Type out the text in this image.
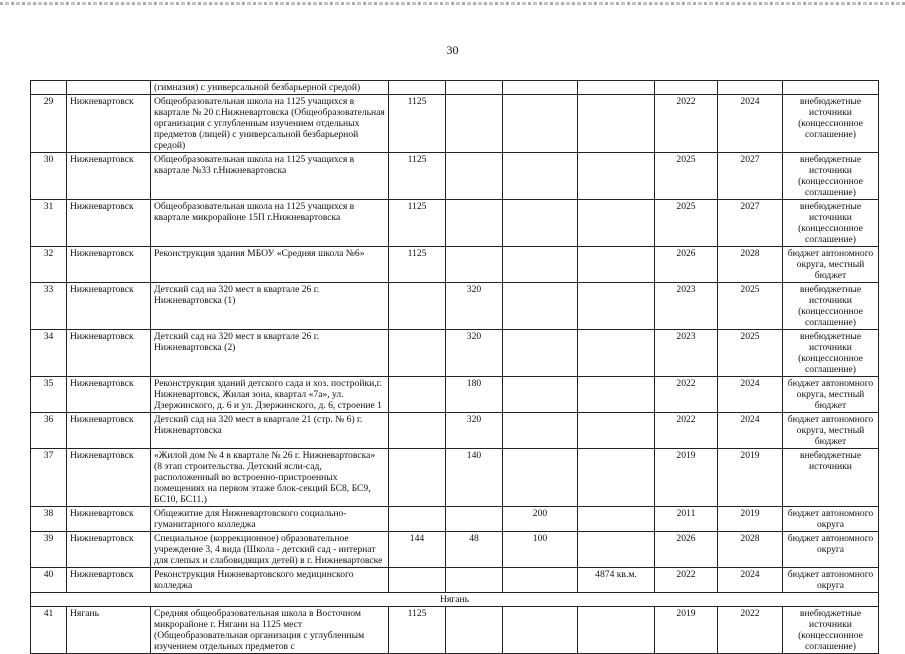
30
		(гимназия) с универсальной безбарьерной средой)							
29	Нижневартовск	Общеобразовательная школа на 1125 учащихся в квартале № 20 г.Нижневартовска (Общеобразовательная организация с углубленным изучением отдельных предметов (лицей) с универсальной безбарьерной средой)	1125				2022	2024	внебюджетные источники (концессионное соглашение)
30	Нижневартовск	Общеобразовательная школа на 1125 учащихся в квартале №33 г.Нижневартовска	1125				2025	2027	внебюджетные источники (концессионное соглашение)
31	Нижневартовск	Общеобразовательная школа на 1125 учащихся в квартале микрорайоне 15П г.Нижневартовска	1125				2025	2027	внебюджетные источники (концессионное соглашение)
32	Нижневартовск	Реконструкция здания МБОУ «Средняя школа №6»	1125				2026	2028	бюджет автономного округа, местный бюджет
33	Нижневартовск	Детский сад на 320 мест в квартале 26 г. Нижневартовска (1)		320			2023	2025	внебюджетные источники (концессионное соглашение)
34	Нижневартовск	Детский сад на 320 мест в квартале 26 г. Нижневартовска (2)		320			2023	2025	внебюджетные источники (концессионное соглашение)
35	Нижневартовск	Реконструкция зданий детского сада и хоз. постройки,г. Нижневартовск, Жилая зона, квартал «7а», ул. Дзержинского, д. 6 и ул. Дзержинского, д. 6, строение 1		180			2022	2024	бюджет автономного округа, местный бюджет
36	Нижневартовск	Детский сад на 320 мест в квартале 21 (стр. № 6) г. Нижневартовска		320			2022	2024	бюджет автономного округа, местный бюджет
37	Нижневартовск	«Жилой дом № 4 в квартале № 26 г. Нижневартовска» (8 этап строительства. Детский ясли-сад, расположенный во встроенно-пристроенных помещениях на первом этаже блок-секций БС8, БС9, БС10, БС11.)		140			2019	2019	внебюджетные источники
38	Нижневартовск	Общежитие для Нижневартовского социально-гуманитарного колледжа			200		2011	2019	бюджет автономного округа
39	Нижневартовск	Специальное (коррекционное) образовательное учреждение 3, 4 вида (Школа - детский сад - интернат для слепых и слабовидящих детей) в г. Нижневартовске	144	48	100		2026	2028	бюджет автономного округа
40	Нижневартовск	Реконструкция Нижневартовского медицинского колледжа				4874 кв.м.	2022	2024	бюджет автономного округа
Нягань									
41	Нягань	Средняя общеобразовательная школа в Восточном микрорайоне г. Нягани на 1125 мест (Общеобразовательная организация с углубленным изучением отдельных предметов с	1125				2019	2022	внебюджетные источники (концессионное соглашение)
